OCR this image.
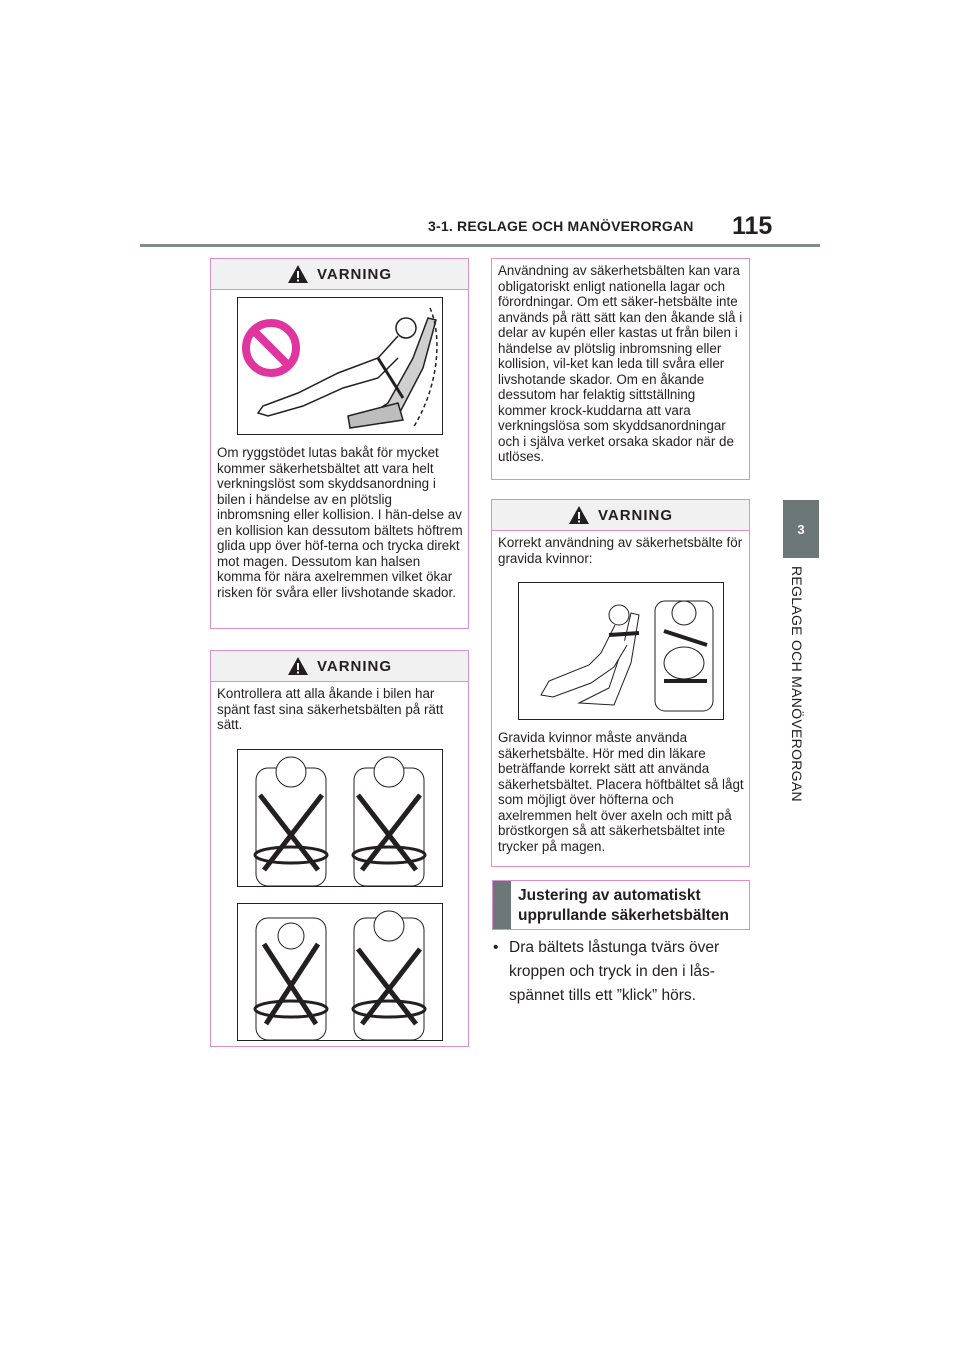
3-1. REGLAGE OCH MANÖVERORGAN 115
3
REGLAGE OCH MANÖVERORGAN
VARNING
Om ryggstödet lutas bakåt för mycket kommer säkerhetsbältet att vara helt verkningslöst som skyddsanordning i bilen i händelse av en plötslig inbromsning eller kollision. I hän-delse av en kollision kan dessutom bältets höftrem glida upp över höf-terna och trycka direkt mot magen. Dessutom kan halsen komma för nära axelremmen vilket ökar risken för svåra eller livshotande skador.
VARNING
Kontrollera att alla åkande i bilen har spänt fast sina säkerhetsbälten på rätt sätt.
Användning av säkerhetsbälten kan vara obligatoriskt enligt nationella lagar och förordningar. Om ett säker-hetsbälte inte används på rätt sätt kan den åkande slå i delar av kupén eller kastas ut från bilen i händelse av plötslig inbromsning eller kollision, vil-ket kan leda till svåra eller livshotande skador. Om en åkande dessutom har felaktig sittställning kommer krock-kuddarna att vara verkningslösa som skyddsanordningar och i själva verket orsaka skador när de utlöses.
VARNING
Korrekt användning av säkerhetsbälte för gravida kvinnor:
Gravida kvinnor måste använda säkerhetsbälte. Hör med din läkare beträffande korrekt sätt att använda säkerhetsbältet. Placera höftbältet så lågt som möjligt över höfterna och axelremmen helt över axeln och mitt på bröstkorgen så att säkerhetsbältet inte trycker på magen.
Justering av automatiskt upprullande säkerhetsbälten
• Dra bältets låstunga tvärs över kroppen och tryck in den i lås-spännet tills ett ”klick” hörs.
